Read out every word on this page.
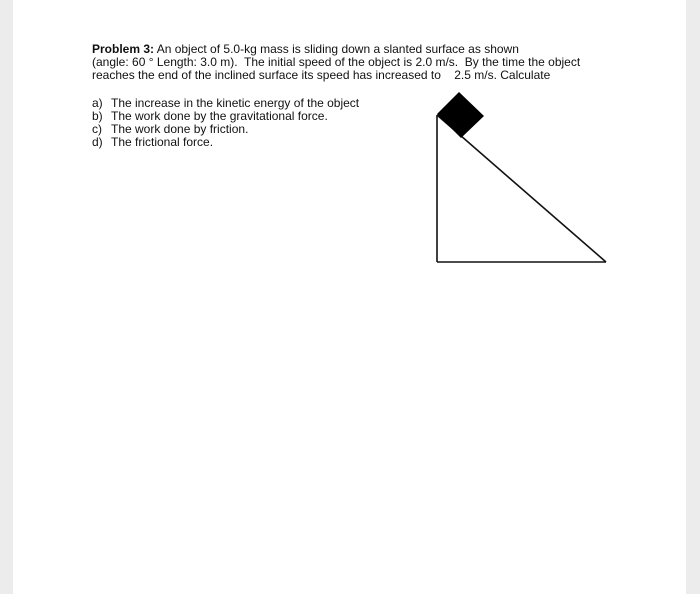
Problem 3: An object of 5.0-kg mass is sliding down a slanted surface as shown
(angle: 60 ° Length: 3.0 m).  The initial speed of the object is 2.0 m/s.  By the time the object
reaches the end of the inclined surface its speed has increased to    2.5 m/s. Calculate
a) The increase in the kinetic energy of the object
b) The work done by the gravitational force.
c) The work done by friction.
d) The frictional force.
